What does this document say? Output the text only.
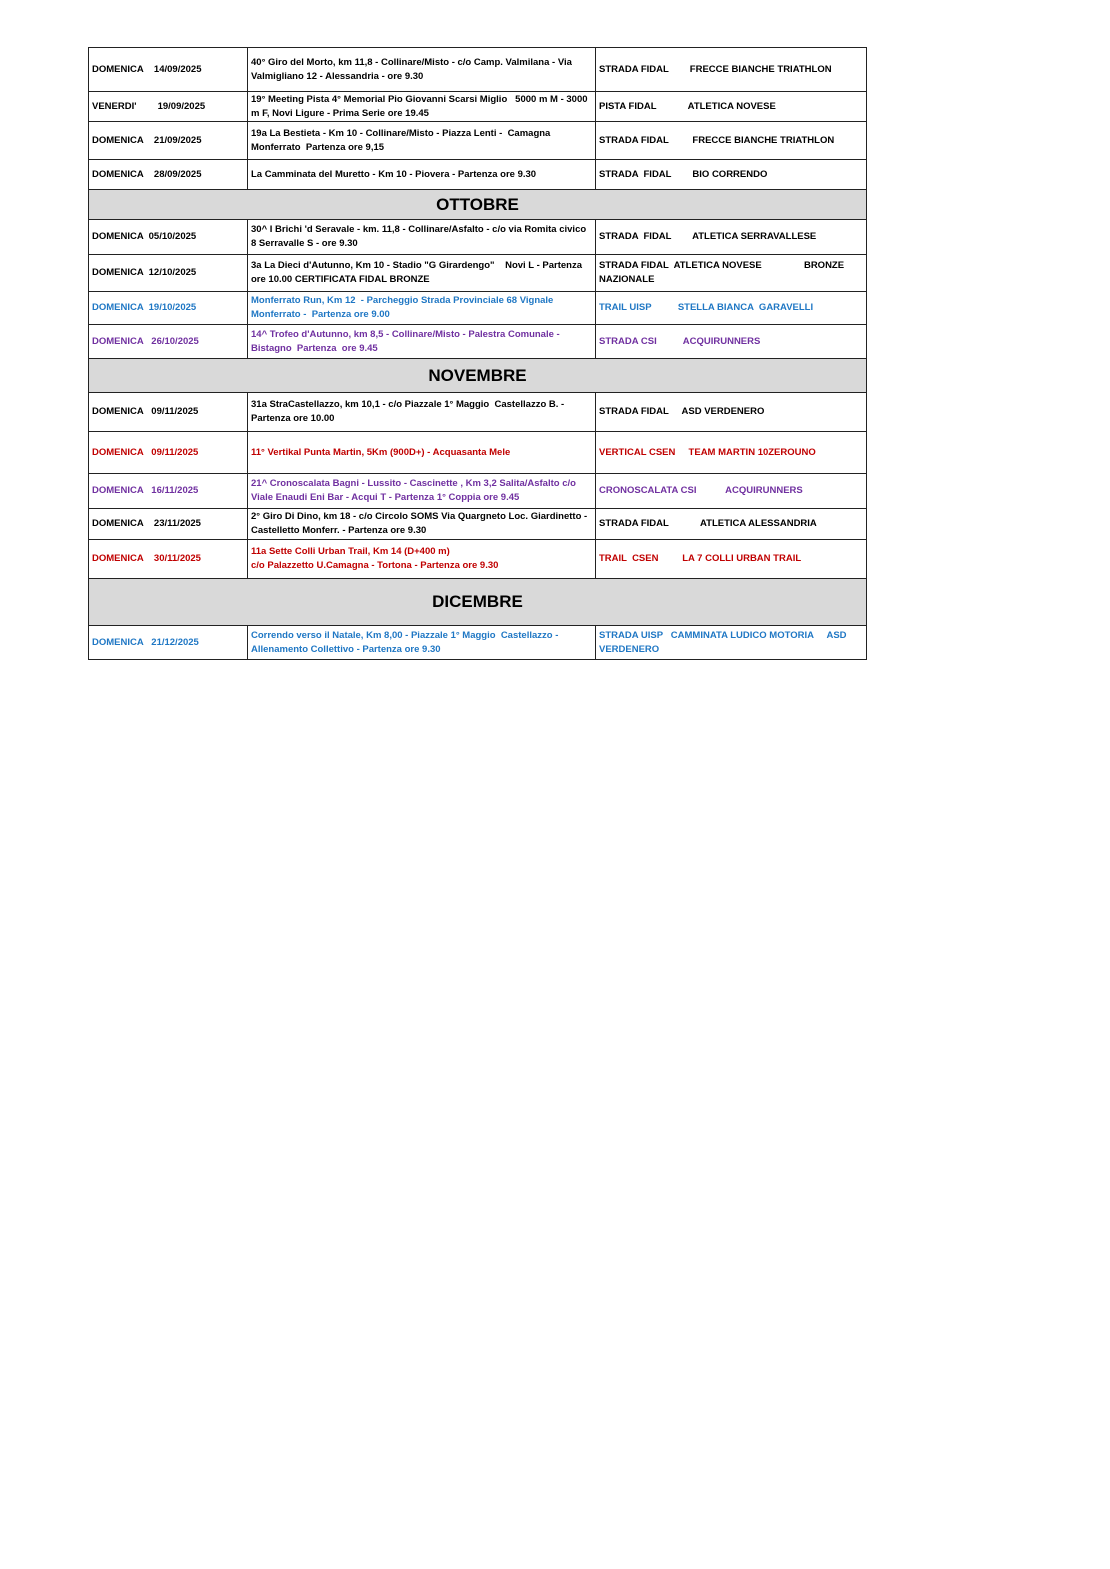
DOMENICA    14/09/2025	40° Giro del Morto, km 11,8 - Collinare/Misto - c/o Camp. Valmilana - Via Valmigliano 12 - Alessandria - ore 9.30	STRADA FIDAL        FRECCE BIANCHE TRIATHLON
VENERDI'        19/09/2025	19° Meeting Pista 4° Memorial Pio Giovanni Scarsi Miglio   5000 m M - 3000 m F, Novi Ligure - Prima Serie ore 19.45	PISTA FIDAL            ATLETICA NOVESE
DOMENICA    21/09/2025	19a La Bestieta - Km 10 - Collinare/Misto - Piazza Lenti -  Camagna Monferrato  Partenza ore 9,15	STRADA FIDAL         FRECCE BIANCHE TRIATHLON
DOMENICA    28/09/2025	La Camminata del Muretto - Km 10 - Piovera - Partenza ore 9.30	STRADA  FIDAL        BIO CORRENDO
OTTOBRE		
DOMENICA  05/10/2025	30^ I Brichi 'd Seravale - km. 11,8 - Collinare/Asfalto - c/o via Romita civico 8 Serravalle S - ore 9.30	STRADA  FIDAL        ATLETICA SERRAVALLESE
DOMENICA  12/10/2025	3a La Dieci d'Autunno, Km 10 - Stadio "G Girardengo"    Novi L - Partenza ore 10.00 CERTIFICATA FIDAL BRONZE	STRADA FIDAL  ATLETICA NOVESE                BRONZE NAZIONALE
DOMENICA  19/10/2025	Monferrato Run, Km 12  - Parcheggio Strada Provinciale 68 Vignale Monferrato -  Partenza ore 9.00	TRAIL UISP          STELLA BIANCA  GARAVELLI
DOMENICA   26/10/2025	14^ Trofeo d'Autunno, km 8,5 - Collinare/Misto - Palestra Comunale - Bistagno  Partenza  ore 9.45	STRADA CSI          ACQUIRUNNERS
NOVEMBRE		
DOMENICA   09/11/2025	31a StraCastellazzo, km 10,1 - c/o Piazzale 1° Maggio  Castellazzo B. - Partenza ore 10.00	STRADA FIDAL     ASD VERDENERO
DOMENICA   09/11/2025	11° Vertikal Punta Martin, 5Km (900D+) - Acquasanta Mele	VERTICAL CSEN     TEAM MARTIN 10ZEROUNO
DOMENICA   16/11/2025	21^ Cronoscalata Bagni - Lussito - Cascinette , Km 3,2 Salita/Asfalto c/o Viale Enaudi Eni Bar - Acqui T - Partenza 1° Coppia ore 9.45	CRONOSCALATA CSI           ACQUIRUNNERS
DOMENICA    23/11/2025	2° Giro Di Dino, km 18 - c/o Circolo SOMS Via Quargneto Loc. Giardinetto - Castelletto Monferr. - Partenza ore 9.30	STRADA FIDAL            ATLETICA ALESSANDRIA
DOMENICA    30/11/2025	11a Sette Colli Urban Trail, Km 14 (D+400 m)
c/o Palazzetto U.Camagna - Tortona - Partenza ore 9.30	TRAIL  CSEN         LA 7 COLLI URBAN TRAIL
DICEMBRE		
DOMENICA   21/12/2025	Correndo verso il Natale, Km 8,00 - Piazzale 1° Maggio  Castellazzo - Allenamento Collettivo - Partenza ore 9.30	STRADA UISP   CAMMINATA LUDICO MOTORIA     ASD VERDENERO
